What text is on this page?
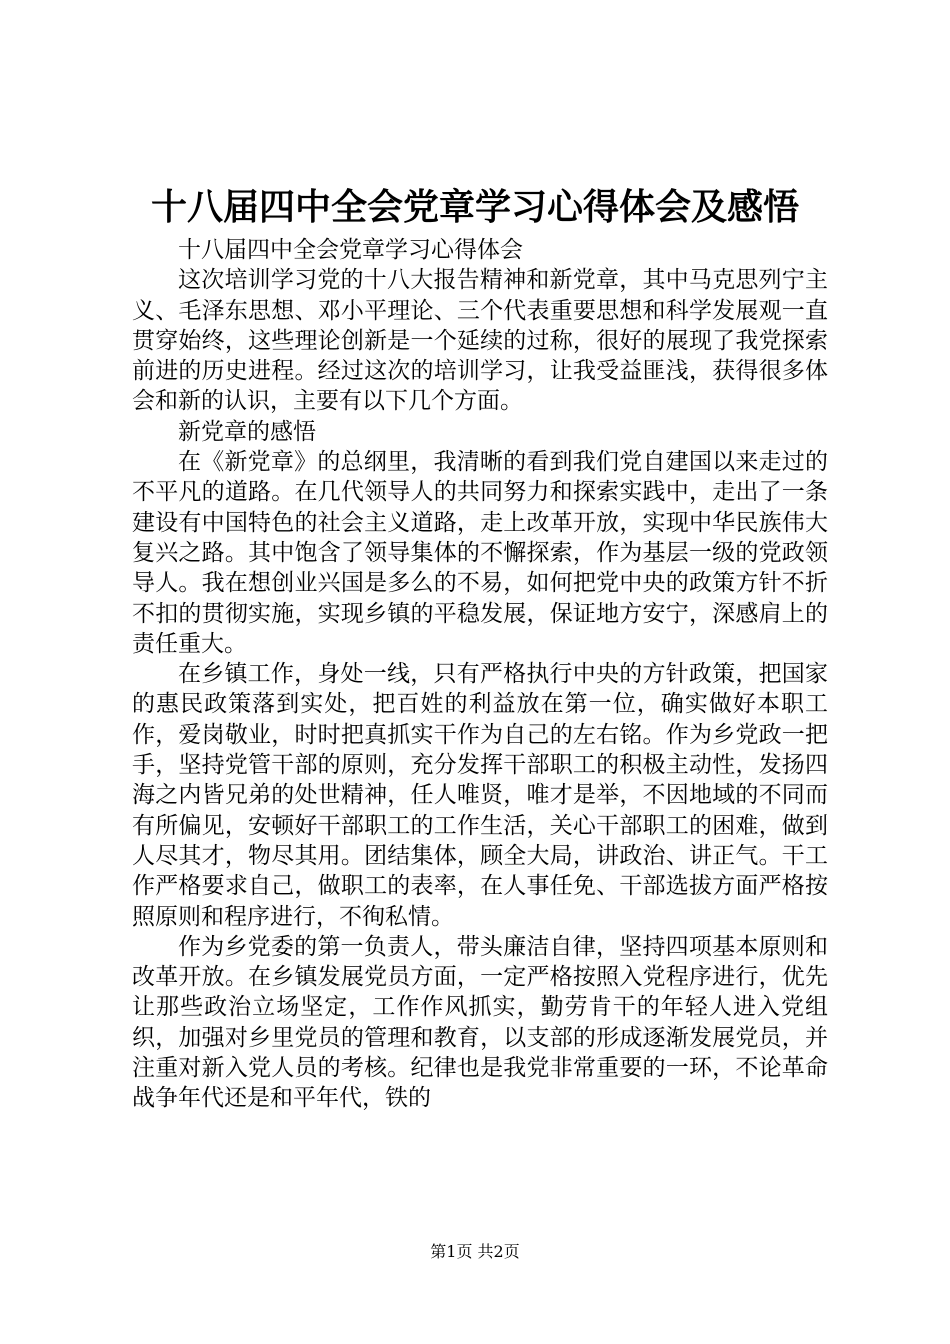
十八届四中全会党章学习心得体会及感悟

十八届四中全会党章学习心得体会

这次培训学习党的十八大报告精神和新党章，其中马克思列宁主义、毛泽东思想、邓小平理论、三个代表重要思想和科学发展观一直贯穿始终，这些理论创新是一个延续的过称，很好的展现了我党探索前进的历史进程。经过这次的培训学习，让我受益匪浅，获得很多体会和新的认识，主要有以下几个方面。

新党章的感悟

在《新党章》的总纲里，我清晰的看到我们党自建国以来走过的不平凡的道路。在几代领导人的共同努力和探索实践中，走出了一条建设有中国特色的社会主义道路，走上改革开放，实现中华民族伟大复兴之路。其中饱含了领导集体的不懈探索，作为基层一级的党政领导人。我在想创业兴国是多么的不易，如何把党中央的政策方针不折不扣的贯彻实施，实现乡镇的平稳发展，保证地方安宁，深感肩上的责任重大。

在乡镇工作，身处一线，只有严格执行中央的方针政策，把国家的惠民政策落到实处，把百姓的利益放在第一位，确实做好本职工作，爱岗敬业，时时把真抓实干作为自己的左右铭。作为乡党政一把手，坚持党管干部的原则，充分发挥干部职工的积极主动性，发扬四海之内皆兄弟的处世精神，任人唯贤，唯才是举，不因地域的不同而有所偏见，安顿好干部职工的工作生活，关心干部职工的困难，做到人尽其才，物尽其用。团结集体，顾全大局，讲政治、讲正气。干工作严格要求自己，做职工的表率，在人事任免、干部选拔方面严格按照原则和程序进行，不徇私情。

作为乡党委的第一负责人，带头廉洁自律，坚持四项基本原则和改革开放。在乡镇发展党员方面，一定严格按照入党程序进行，优先让那些政治立场坚定，工作作风抓实，勤劳肯干的年轻人进入党组织，加强对乡里党员的管理和教育，以支部的形成逐渐发展党员，并注重对新入党人员的考核。纪律也是我党非常重要的一环，不论革命战争年代还是和平年代，铁的

第1页 共2页
